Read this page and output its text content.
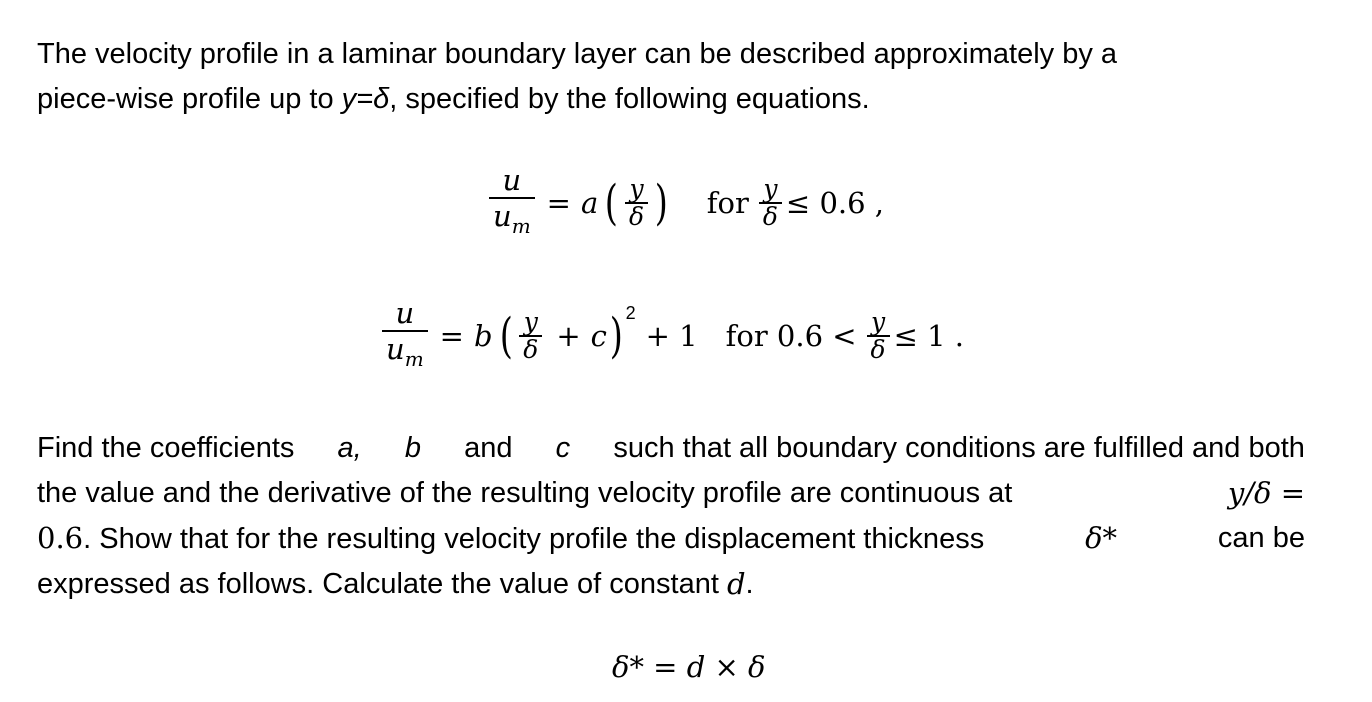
The velocity profile in a laminar boundary layer can be described approximately by a
piece-wise profile up to y=δ, specified by the following equations.
$\frac{u}{u_m} = a$ ( $\frac{y}{\delta}$ ) for $\frac{y}{\delta} \le 0.6$ ,
$\frac{u}{u_m} = b$ ( $\frac{y}{\delta} + c$ )$^2$
+ 1 for $0.6 < \frac{y}{\delta} \le 1$ .
Find the coefficients a, b and c such that all boundary conditions are fulfilled and both
the value and the derivative of the resulting velocity profile are continuous at	y/δ =
0.6. Show that for the resulting velocity profile the displacement thickness	δ*	can be
expressed as follows. Calculate the value of constant
d .
δ* = d × δ
